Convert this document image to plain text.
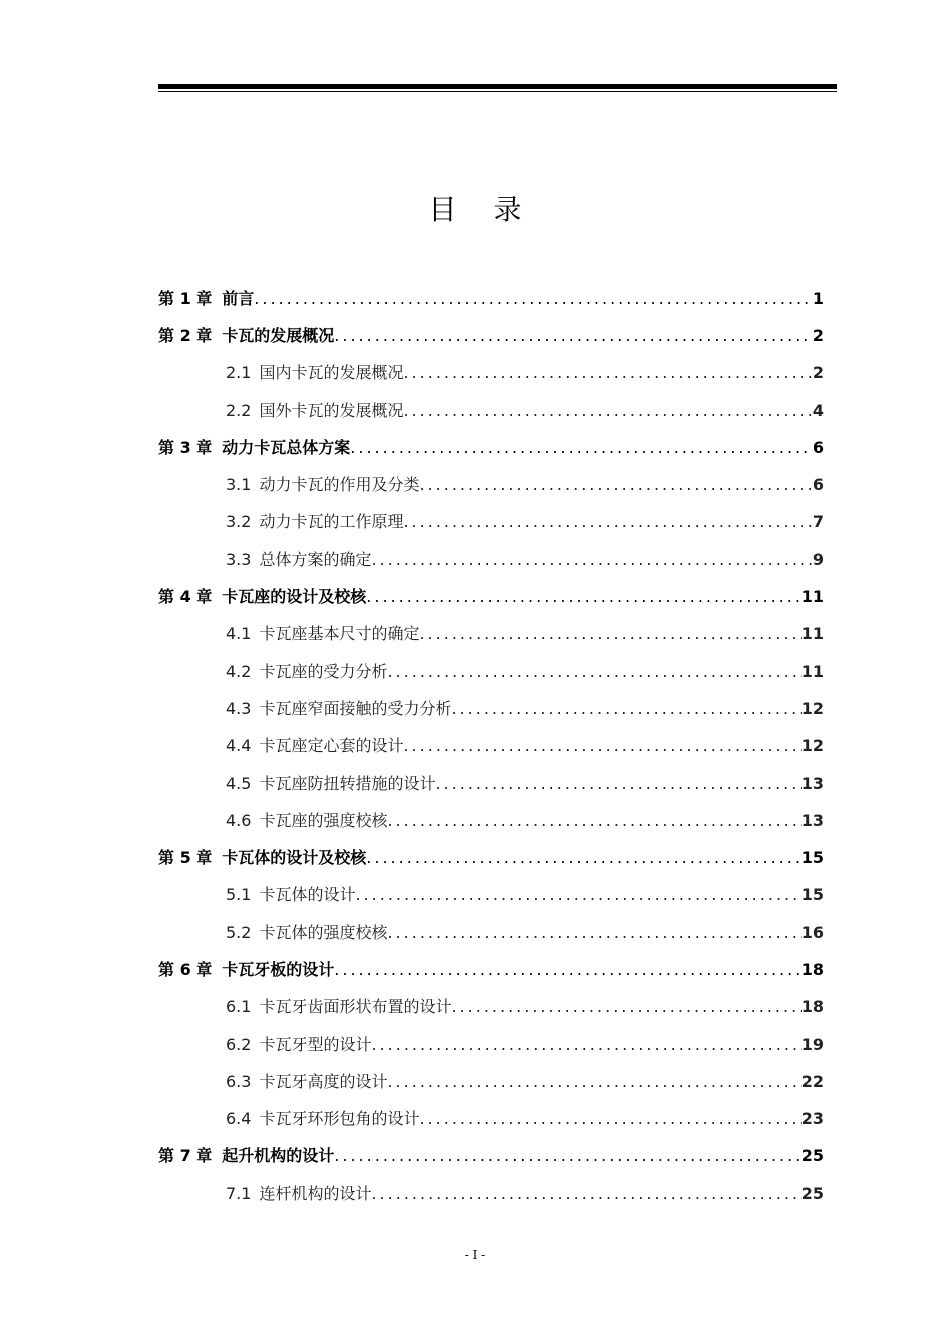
目 录
第 1 章 前言 .....	1
第 2 章 卡瓦的发展概况 .....	2
2.1 国内卡瓦的发展概况 .....	2
2.2 国外卡瓦的发展概况 .....	4
第 3 章 动力卡瓦总体方案 .....	6
3.1 动力卡瓦的作用及分类 .....	6
3.2 动力卡瓦的工作原理 .....	7
3.3 总体方案的确定 .....	9
第 4 章 卡瓦座的设计及校核 .....	11
4.1 卡瓦座基本尺寸的确定 .....	11
4.2 卡瓦座的受力分析 .....	11
4.3 卡瓦座窄面接触的受力分析 .....	12
4.4 卡瓦座定心套的设计 .....	12
4.5 卡瓦座防扭转措施的设计 .....	13
4.6 卡瓦座的强度校核 .....	13
第 5 章 卡瓦体的设计及校核 .....	15
5.1 卡瓦体的设计 .....	15
5.2 卡瓦体的强度校核 .....	16
第 6 章 卡瓦牙板的设计 .....	18
6.1 卡瓦牙齿面形状布置的设计 .....	18
6.2 卡瓦牙型的设计 .....	19
6.3 卡瓦牙高度的设计 .....	22
6.4 卡瓦牙环形包角的设计 .....	23
第 7 章 起升机构的设计 .....	25
7.1 连杆机构的设计 .....	25
- I -
